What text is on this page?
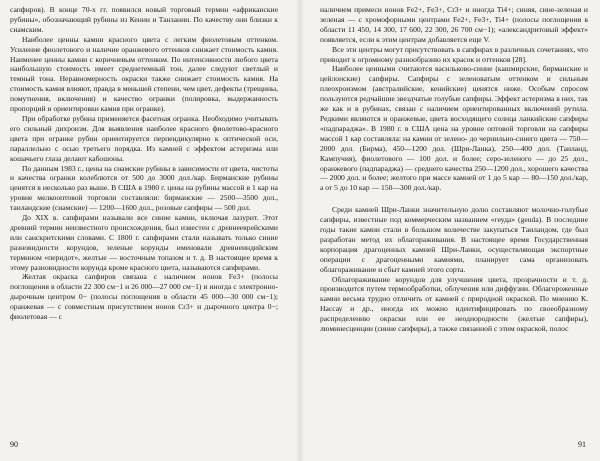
сапфиров). В конце 70-х гг. появился новый торговый термин «африканские рубины», обозначающий рубины из Кении и Танзании. По качеству они близки к сиамским.

Наиболее ценны камни красного цвета с легким фиолетовым оттенком. Усиление фиолетового и наличие оранжевого оттенков снижает стоимость камня. Наименее ценны камни с коричневым оттенком. По интенсивности любого цвета наибольшую стоимость имеет среднетемный тон, далее следуют светлый и темный тона. Неравномерность окраски также снижает стоимость камня. На стоимость камня влияют, правда в меньшей степени, чем цвет, дефекты (трещины, помутнения, включения) и качество огранки (полировка, выдержанность пропорций и ориентировки камня при огранке).

При обработке рубина применяется фасетная огранка. Необходимо учитывать его сильный дихроизм. Для выявления наиболее красного фиолетово-красного цвета при огранке рубин ориентируется перпендикулярно к оптической оси, параллельно с осью третьего порядка. Из камней с эффектом астеризма или кошачьего глаза делают кабошоны.

По данным 1983 г., цены на сиамские рубины в зависимости от цвета, чистоты и качества огранки колеблются от 500 до 3000 дол./кар. Бирманские рубины ценятся в несколько раз выше. В США в 1980 г. цены на рубины массой в 1 кар на уровне мелкооптовой торговли составляли: бирманские — 2500—3500 дол., таиландские (сиамские) — 1200—1600 дол., розовые сапфиры — 500 дол.

До XIX в. сапфирами называли все синие камни, включая лазурит. Этот древний термин неизвестного происхождения, был известен с древнееврейскими или санскритскими словами. С 1800 г. сапфирами стали называть только синие разновидности корундов, зеленые корунды именовали древнеиндийским термином «перидот», желтые — восточным топазом и т. д. В настоящее время к этому разновидности корунда кроме красного цвета, называются сапфирами.

Желтая окраска сапфиров связана с наличием ионов Fe3+ (полосы поглощения в области 22 300 см−1 и 26 000—27 000 см−1) и иногда с электронно-дырочным центром 0− (полосы поглощения в области 45 000—30 000 см−1); оранжевая — с совместным присутствием ионов Cr3+ и дырочного центра 0−; фиолетовая — с

90

наличием примеси ионов Fe2+, Fe3+, Cr3+ и иногда Ti4+; синяя, сине-зеленая и зеленая — с хромофорными центрами Fe2+, Fe3+, Ti4+ (полосы поглощения в области 11 450, 14 300, 17 600, 22 300, 26 700 см−1); «александритовый эффект» появляется, если к этим центрам добавляется еще V.

Все эти центры могут присутствовать в сапфирах в различных сочетаниях, что приводит к огромному разнообразию их красок и оттенков [28].

Наиболее ценными считаются васильково-синие (кашмирские, бирманские и цейлонские) сапфиры. Сапфиры с зеленоватым оттенком и сильным плеохроизмом (австралийские, кенийские) ценятся ниже. Особым спросом пользуются редчайшие звездчатые голубые сапфиры. Эффект астеризма в них, так же как и в рубинах, связан с наличием ориентированных включений рутила. Редкими являются и оранжевые, цвета восходящего солнца ланкийские сапфиры «падпараджа». В 1980 г. в США цена на уровне оптовой торговли на сапфиры массой 1 кар составляла: на камни от зелено- до чернильно-синего цвета — 750—2000 дол. (Бирма), 450—1200 дол. (Шри-Ланка), 250—400 дол. (Таиланд, Кампучия), фиолетового — 100 дол. и более; серо-зеленого — до 25 дол., оранжевого (падпараджа) — среднего качества 250—1200 дол., хорошего качества — 2000 дол. и более; желтого при массе камней от 1 до 5 кар — 80—150 дол./кар, а от 5 до 10 кар — 150—300 дол./кар.

Среди камней Шри-Ланки значительную долю составляют молочно-голубые сапфиры, известные под коммерческим названием «геуда» (geuda). В последние годы такие камни стали в большом количестве закупаться Таиландом, где был разработан метод их облагораживания. В настоящее время Государственная корпорация драгоценных камней Шри-Ланки, осуществляющая экспортные операции с драгоценными камнями, планирует сама организовать облагораживание и сбыт камней этого сорта.

Облагораживание корундов для улучшения цвета, прозрачности и т. д. производится путем термообработки, облучения или диффузии. Облагороженные камни весьма трудно отличить от камней с природной окраской. По мнению К. Нассау и др., иногда их можно идентифицировать по своеобразному распределению окраски или ее неоднородности (желтые сапфиры), люминесценции (синие сапфиры), а также связанной с этим окраской, полос

91
